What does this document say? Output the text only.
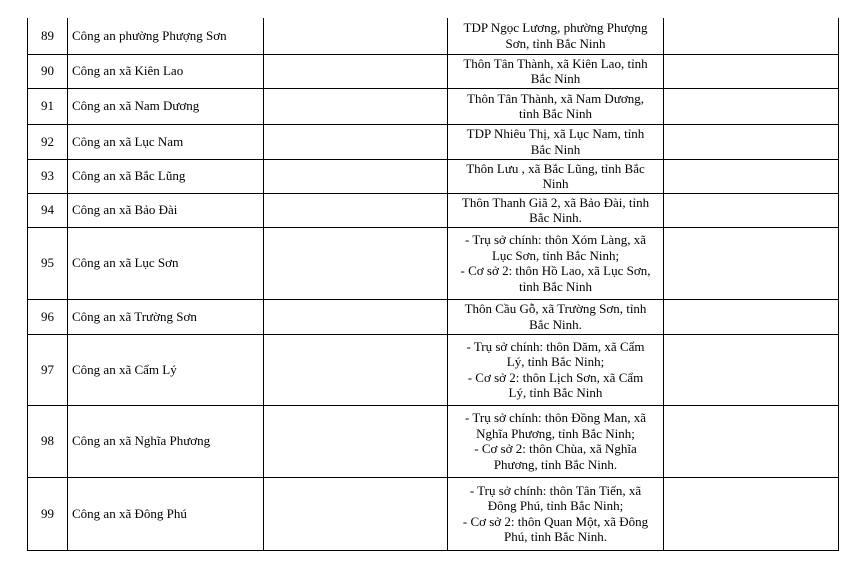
89	Công an phường Phượng Sơn		TDP Ngọc Lương, phường Phượng
Sơn, tỉnh Bắc Ninh	

90	Công an xã Kiên Lao		Thôn Tân Thành, xã Kiên Lao, tỉnh
Bắc Ninh	

91	Công an xã Nam Dương		Thôn Tân Thành, xã Nam Dương,
tỉnh Bắc Ninh	

92	Công an xã Lục Nam		TDP Nhiêu Thị, xã Lục Nam, tỉnh
Bắc Ninh	

93	Công an xã Bắc Lũng		Thôn Lưu , xã Bắc Lũng, tỉnh Bắc
Ninh	

94	Công an xã Bảo Đài		Thôn Thanh Giã 2, xã Bảo Đài, tỉnh
Bắc Ninh.	

95	Công an xã Lục Sơn		- Trụ sở chính: thôn Xóm Làng, xã
Lục Sơn, tỉnh Bắc Ninh;
- Cơ sở 2: thôn Hồ Lao, xã Lục Sơn,
tỉnh Bắc Ninh	

96	Công an xã Trường Sơn		Thôn Cầu Gỗ, xã Trường Sơn, tỉnh
Bắc Ninh.	

97	Công an xã Cẩm Lý		- Trụ sở chính: thôn Dăm, xã Cẩm
Lý, tỉnh Bắc Ninh;
- Cơ sở 2: thôn Lịch Sơn, xã Cẩm
Lý, tỉnh Bắc Ninh	

98	Công an xã Nghĩa Phương		- Trụ sở chính: thôn Đồng Man, xã
Nghĩa Phương, tỉnh Bắc Ninh;
- Cơ sở 2: thôn Chùa, xã Nghĩa
Phương, tỉnh Bắc Ninh.	

99	Công an xã Đông Phú		- Trụ sở chính: thôn Tân Tiến, xã
Đông Phú, tỉnh Bắc Ninh;
- Cơ sở 2: thôn Quan Một, xã Đông
Phú, tỉnh Bắc Ninh.	
